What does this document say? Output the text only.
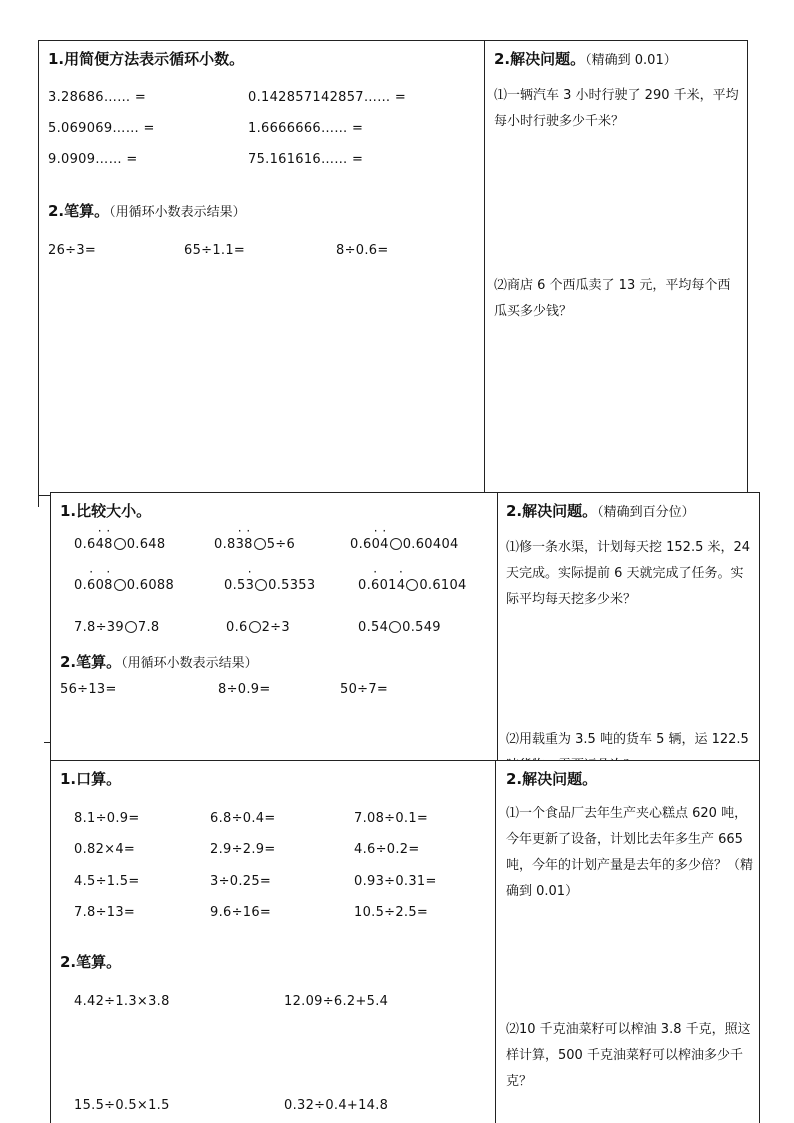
1.用简便方法表示循环小数。
3.28686…… =	0.142857142857…… =
5.069069…… =	1.6666666…… =
9.0909…… =	75.161616…… =
2.笔算。（用循环小数表示结果）
26÷3=	65÷1.1=	8÷0.6=
2.解决问题。（精确到 0.01）
⑴一辆汽车 3 小时行驶了 290 千米，平均每小时行驶多少千米？
⑵商店 6 个西瓜卖了 13 元，平均每个西瓜买多少钱？
1.比较大小。
0.6· 4· 8 0.648	0.8· 3· 8 5÷6	0.6· 0· 4 0.60404
0.· 60· 8 0.6088	0.5· 3 0.5353	0.· 601· 4 0.6104
7.8÷39 7.8	0.6 2÷3	0.54 0.549
2.笔算。（用循环小数表示结果）
56÷13=	8÷0.9=	50÷7=
2.解决问题。（精确到百分位）
⑴修一条水渠，计划每天挖 152.5 米，24 天完成。实际提前 6 天就完成了任务。实际平均每天挖多少米？
⑵用载重为 3.5 吨的货车 5 辆，运 122.5
1.口算。
8.1÷0.9=	6.8÷0.4=	7.08÷0.1=
0.82×4=	2.9÷2.9=	4.6÷0.2=
4.5÷1.5=	3÷0.25=	0.93÷0.31=
7.8÷13=	9.6÷16=	10.5÷2.5=
2.笔算。
4.42÷1.3×3.8	12.09÷6.2+5.4
15.5÷0.5×1.5	0.32÷0.4+14.8
2.解决问题。
⑴一个食品厂去年生产夹心糕点 620 吨，今年更新了设备，计划比去年多生产 665 吨，今年的计划产量是去年的多少倍？（精确到 0.01）
⑵10 千克油菜籽可以榨油 3.8 千克，照这样计算，500 千克油菜籽可以榨油多少千克？
